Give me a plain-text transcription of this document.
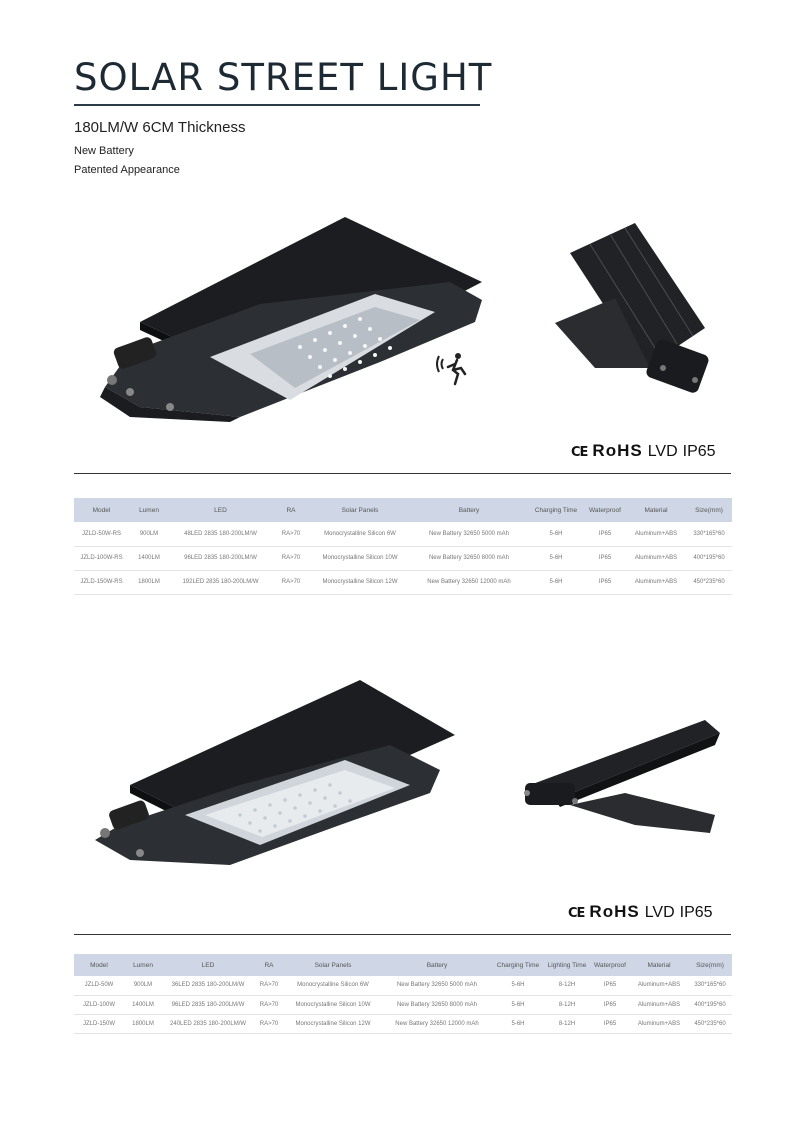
SOLAR STREET LIGHT
180LM/W 6CM Thickness
New Battery
Patented Appearance
CE RoHS LVD IP65
Model	Lumen	LED	RA	Solar Panels	Battery	Charging Time	Waterproof	Material	Size(mm)
JZLD-50W-RS	900LM	48LED 2835 180-200LM/W	RA>70	Monocrystalline Silicon 6W	New Battery 32650 5000 mAh	5-6H	IP65	Aluminum+ABS	330*165*60
JZLD-100W-RS	1400LM	96LED 2835 180-200LM/W	RA>70	Monocrystalline Silicon 10W	New Battery 32650 8000 mAh	5-6H	IP65	Aluminum+ABS	400*195*60
JZLD-150W-RS	1800LM	192LED 2835 180-200LM/W	RA>70	Monocrystalline Silicon 12W	New Battery 32650 12000 mAh	5-6H	IP65	Aluminum+ABS	450*235*60
CE RoHS LVD IP65
Model	Lumen	LED	RA	Solar Panels	Battery	Charging Time	Lighting Time	Waterproof	Material	Size(mm)
JZLD-50W	900LM	36LED 2835 180-200LM/W	RA>70	Monocrystalline Silicon 6W	New Battery 32650 5000 mAh	5-6H	8-12H	IP65	Aluminum+ABS	330*165*60
JZLD-100W	1400LM	96LED 2835 180-200LM/W	RA>70	Monocrystalline Silicon 10W	New Battery 32650 8000 mAh	5-6H	8-12H	IP65	Aluminum+ABS	400*195*60
JZLD-150W	1800LM	240LED 2835 180-200LM/W	RA>70	Monocrystalline Silicon 12W	New Battery 32650 12000 mAh	5-6H	8-12H	IP65	Aluminum+ABS	450*235*60
